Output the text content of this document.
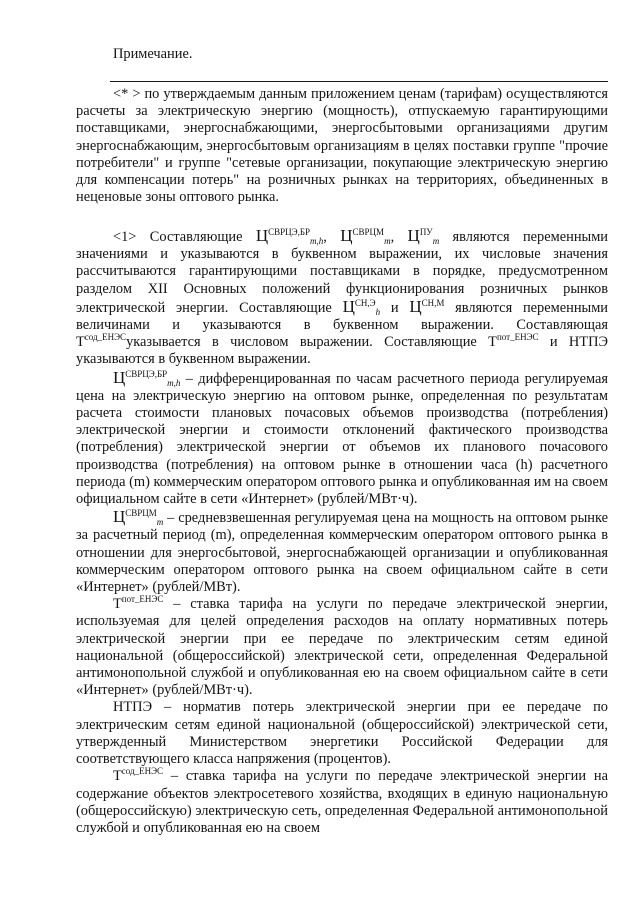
Примечание.

<* > по утверждаемым данным приложением ценам (тарифам) осуществляются расчеты за электрическую энергию (мощность), отпускаемую гарантирующими поставщиками, энергоснабжающими, энергосбытовыми организациями другим энергоснабжающим, энергосбытовым организациям в целях поставки группе "прочие потребители" и группе "сетевые организации, покупающие электрическую энергию для компенсации потерь" на розничных рынках на территориях, объединенных в неценовые зоны оптового рынка.

<1> Составляющие $Ц^{СВРЦЭ,БР}_{m,h}$, $Ц^{СВРЦМ}_m$, $Ц^{ПУ}_m$ являются переменными значениями и указываются в буквенном выражении, их числовые значения рассчитываются гарантирующими поставщиками в порядке, предусмотренном разделом XII Основных положений функционирования розничных рынков электрической энергии. Составляющие $Ц^{СН,Э}_h$ и $Ц^{СН,М}$ являются переменными величинами и указываются в буквенном выражении. Составляющая $Т^{сод\_ЕНЭС}указывается$ в числовом выражении. Составляющие $Т^{пот\_ЕНЭС}$ и НТПЭ указываются в буквенном выражении.

$Ц^{СВРЦЭ,БР}_{m,h}$ – дифференцированная по часам расчетного периода регулируемая цена на электрическую энергию на оптовом рынке, определенная по результатам расчета стоимости плановых почасовых объемов производства (потребления) электрической энергии и стоимости отклонений фактического производства (потребления) электрической энергии от объемов их планового почасового производства (потребления) на оптовом рынке в отношении часа (h) расчетного периода (m) коммерческим оператором оптового рынка и опубликованная им на своем официальном сайте в сети «Интернет» (рублей/МВт·ч).

$Ц^{СВРЦМ}_m$ – средневзвешенная регулируемая цена на мощность на оптовом рынке за расчетный период (m), определенная коммерческим оператором оптового рынка в отношении для энергосбытовой, энергоснабжающей организации и опубликованная коммерческим оператором оптового рынка на своем официальном сайте в сети «Интернет» (рублей/МВт).

$Т^{пот\_ЕНЭС}$ – ставка тарифа на услуги по передаче электрической энергии, используемая для целей определения расходов на оплату нормативных потерь электрической энергии при ее передаче по электрическим сетям единой национальной (общероссийской) электрической сети, определенная Федеральной антимонопольной службой и опубликованная ею на своем официальном сайте в сети «Интернет» (рублей/МВт·ч).

НТПЭ – норматив потерь электрической энергии при ее передаче по электрическим сетям единой национальной (общероссийской) электрической сети, утвержденный Министерством энергетики Российской Федерации для соответствующего класса напряжения (процентов).

$Т^{сод\_ЕНЭС}$ – ставка тарифа на услуги по передаче электрической энергии на содержание объектов электросетевого хозяйства, входящих в единую национальную (общероссийскую) электрическую сеть, определенная Федеральной антимонопольной службой и опубликованная ею на своем
